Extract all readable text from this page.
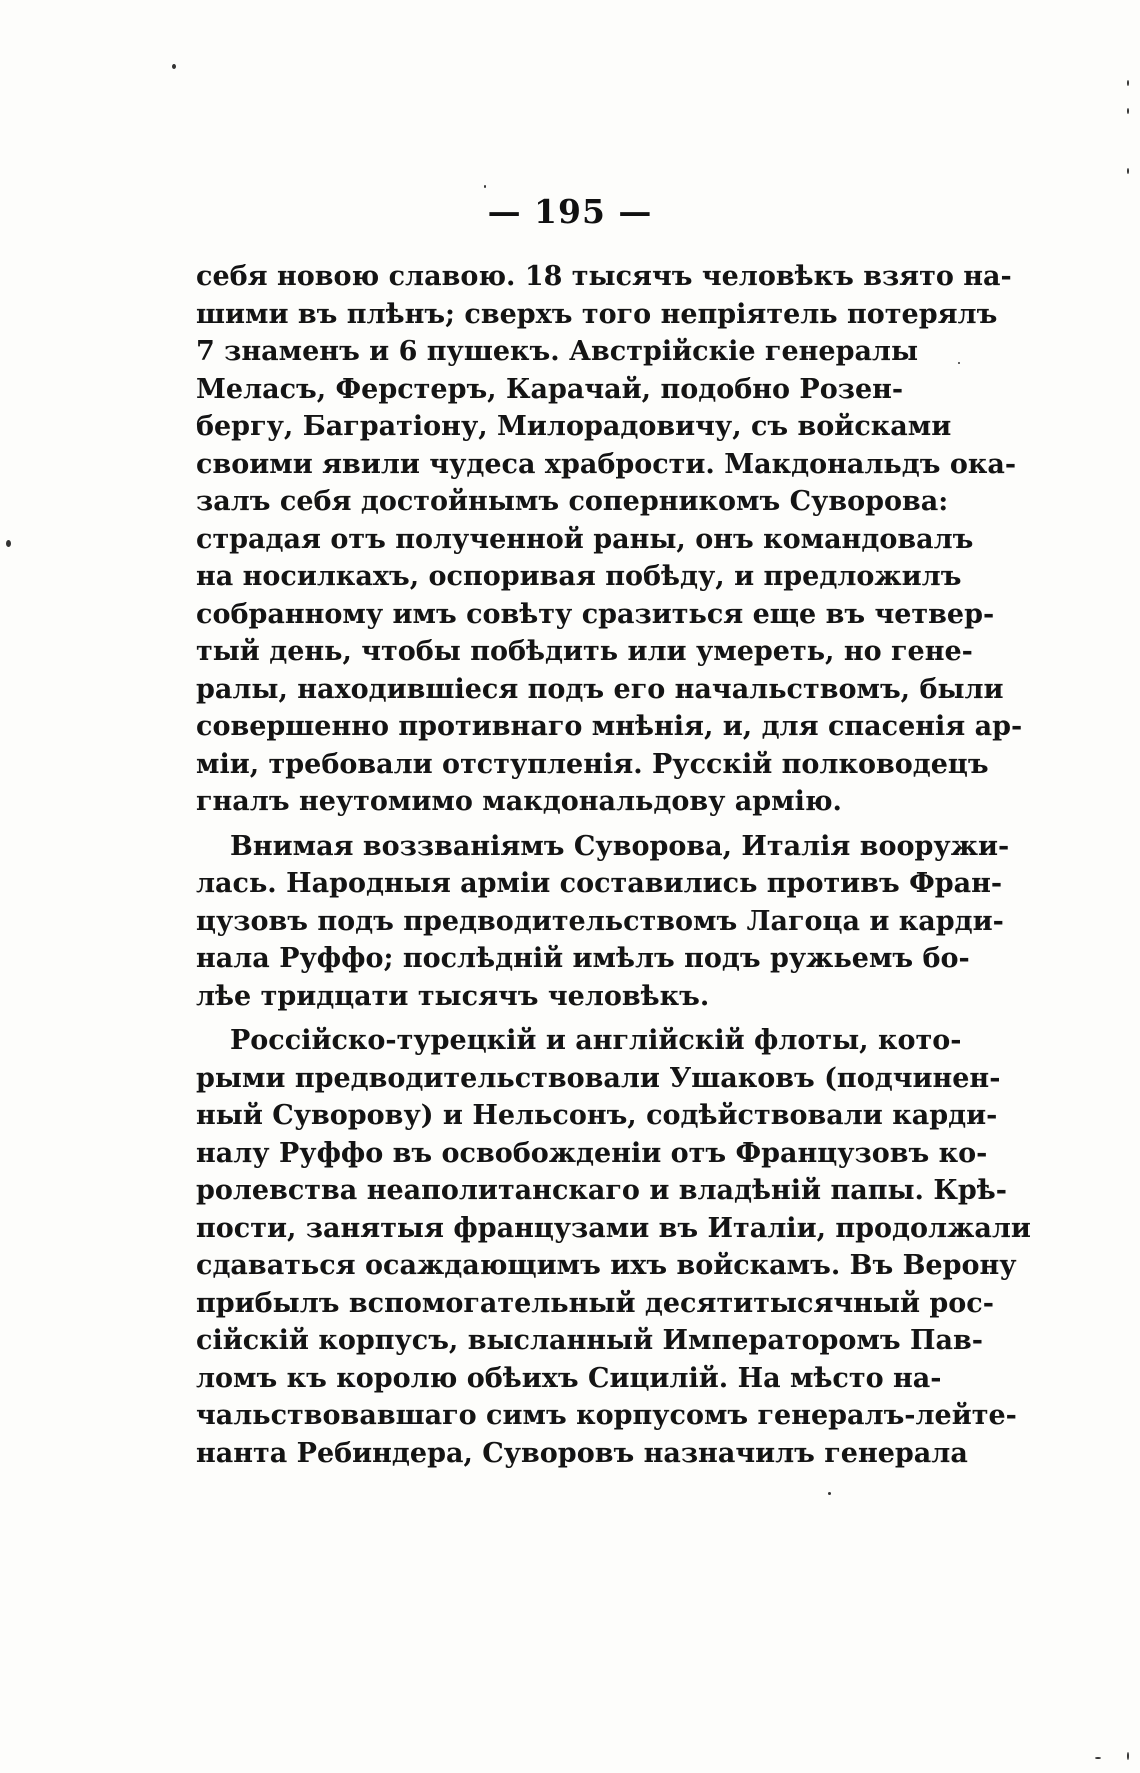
— 195 —
себя новою славою. 18 тысячъ человѣкъ взято на-
шими въ плѣнъ; сверхъ того непріятель потерялъ
7 знаменъ и 6 пушекъ. Австрійскіе генералы
Меласъ, Ферстеръ, Карачай, подобно Розен-
бергу, Багратіону, Милорадовичу, съ войсками
своими явили чудеса храбрости. Макдональдъ ока-
залъ себя достойнымъ соперникомъ Суворова:
страдая отъ полученной раны, онъ командовалъ
на носилкахъ, оспоривая побѣду, и предложилъ
собранному имъ совѣту сразиться еще въ четвер-
тый день, чтобы побѣдить или умереть, но гене-
ралы, находившіеся подъ его начальствомъ, были
совершенно противнаго мнѣнія, и, для спасенія ар-
міи, требовали отступленія. Русскій полководецъ
гналъ неутомимо макдональдову армію.
Внимая воззваніямъ Суворова, Италія вооружи-
лась. Народныя арміи составились противъ Фран-
цузовъ подъ предводительствомъ Лагоца и карди-
нала Руффо; послѣдній имѣлъ подъ ружьемъ бо-
лѣе тридцати тысячъ человѣкъ.
Россійско-турецкій и англійскій флоты, кото-
рыми предводительствовали Ушаковъ (подчинен-
ный Суворову) и Нельсонъ, содѣйствовали карди-
налу Руффо въ освобожденіи отъ Французовъ ко-
ролевства неаполитанскаго и владѣній папы. Крѣ-
пости, занятыя французами въ Италіи, продолжали
сдаваться осаждающимъ ихъ войскамъ. Въ Верону
прибылъ вспомогательный десятитысячный рос-
сійскій корпусъ, высланный Императоромъ Пав-
ломъ къ королю обѣихъ Сицилій. На мѣсто на-
чальствовавшаго симъ корпусомъ генералъ-лейте-
нанта Ребиндера, Суворовъ назначилъ генерала
